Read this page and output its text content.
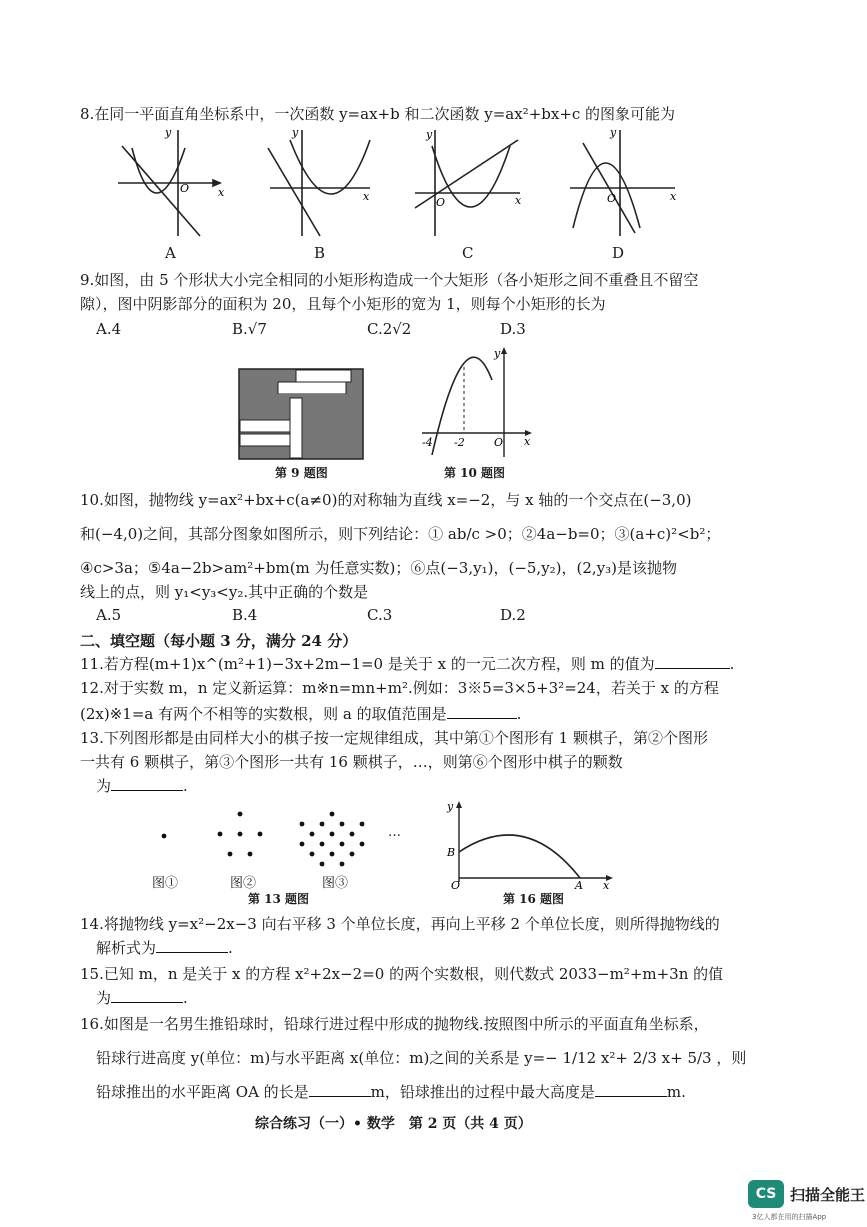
8.在同一平面直角坐标系中，一次函数 y=ax+b 和二次函数 y=ax²+bx+c 的图象可能为
x
y
O
x
y
x
y
O	x
y
O
A	B	C	D
9.如图，由 5 个形状大小完全相同的小矩形构造成一个大矩形（各小矩形之间不重叠且不留空
隙），图中阴影部分的面积为 20，且每个小矩形的宽为 1，则每个小矩形的长为
A.4	B.√7	C.2√2	D.3
第 9 题图
-4 -2	O x
y
第 10 题图
10.如图，抛物线 y=ax²+bx+c(a≠0)的对称轴为直线 x=−2，与 x 轴的一个交点在(−3,0)
和(−4,0)之间，其部分图象如图所示，则下列结论：① ab/c >0；②4a−b=0；③(a+c)²<b²；
④c>3a；⑤4a−2b>am²+bm(m 为任意实数)；⑥点(−3,y₁)，(−5,y₂)，(2,y₃)是该抛物
线上的点，则 y₁<y₃<y₂.其中正确的个数是
A.5	B.4	C.3	D.2
二、填空题（每小题 3 分，满分 24 分）
11.若方程(m+1)x^(m²+1)−3x+2m−1=0 是关于 x 的一元二次方程，则 m 的值为	.
12.对于实数 m，n 定义新运算：m※n=mn+m².例如：3※5=3×5+3²=24，若关于 x 的方程
(2x)※1=a 有两个不相等的实数根，则 a 的取值范围是	.
13.下列图形都是由同样大小的棋子按一定规律组成，其中第①个图形有 1 颗棋子，第②个图形
一共有 6 颗棋子，第③个图形一共有 16 颗棋子，…，则第⑥个图形中棋子的颗数
为	.
…
图①	图②	图③
第 13 题图
y
B
O	A x
第 16 题图
14.将抛物线 y=x²−2x−3 向右平移 3 个单位长度，再向上平移 2 个单位长度，则所得抛物线的
解析式为	.
15.已知 m，n 是关于 x 的方程 x²+2x−2=0 的两个实数根，则代数式 2033−m²+m+3n 的值
为	.
16.如图是一名男生推铅球时，铅球行进过程中形成的抛物线.按照图中所示的平面直角坐标系，
铅球行进高度 y(单位：m)与水平距离 x(单位：m)之间的关系是 y=− 1/12 x²+ 2/3 x+ 5/3 ，则
铅球推出的水平距离 OA 的长是	m，铅球推出的过程中最大高度是	m.
综合练习（一）• 数学　第 2 页（共 4 页）
CS 扫描全能王
3亿人都在用的扫描App
